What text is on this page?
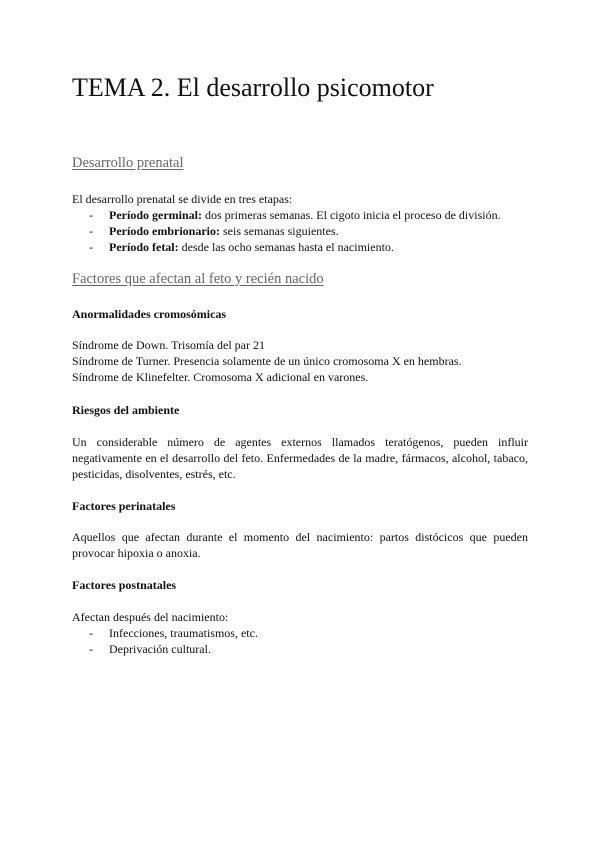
TEMA 2. El desarrollo psicomotor
Desarrollo prenatal

El desarrollo prenatal se divide en tres etapas:

- Período germinal: dos primeras semanas. El cigoto inicia el proceso de división.
- Período embrionario: seis semanas siguientes.
- Período fetal: desde las ocho semanas hasta el nacimiento.
Factores que afectan al feto y recién nacido

Anormalidades cromosómicas

Síndrome de Down. Trisomía del par 21

Síndrome de Turner. Presencia solamente de un único cromosoma X en hembras.

Síndrome de Klinefelter. Cromosoma X adicional en varones.

Riesgos del ambiente

Un considerable número de agentes externos llamados teratógenos, pueden influir negativamente en el desarrollo del feto. Enfermedades de la madre, fármacos, alcohol, tabaco, pesticidas, disolventes, estrés, etc.

Factores perinatales

Aquellos que afectan durante el momento del nacimiento: partos distócicos que pueden provocar hipoxia o anoxia.

Factores postnatales

Afectan después del nacimiento:

- Infecciones, traumatismos, etc.
- Deprivación cultural.
